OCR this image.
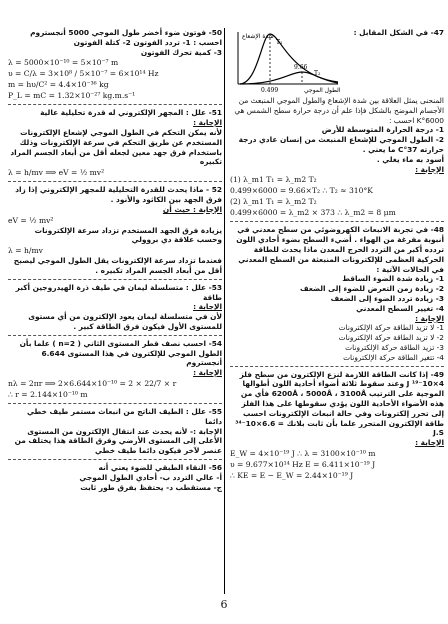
47- في الشكل المقابل :

شدة الإشعاع
الطول الموجي
0.499
9.66
T₁
T₂

المنحنى يمثل العلاقة بين شدة الإشعاع والطول الموجي المنبعث من الأجسام الموضح بالشكل فإذا علم أن درجة حرارة سطح الشمس هي 6000°K احسب :

1- درجة الحرارة المتوسطة للأرض

2- الطول الموجي للإشعاع المنبعث من إنسان عادي درجة حرارته 37°C ما يعني .

أسود به ماء يغلي .

الإجابة :

(1) λ_m1 T₁ = λ_m2 T₂

0.499×6000 = 9.66×T₂ ∴ T₂ ≈ 310°K

(2) λ_m1 T₁ = λ_m2 T₂

0.499×6000 = λ_m2 × 373 ∴ λ_m2 = 8 μm

48- في تجربة الانبعاث الكهروضوئي من سطح معدني في أنبوبة مفرغة من الهواء . أضيء السطح بضوء أحادي اللون تردده أكبر من التردد الحرج المعدن ماذا يحدث للطاقة الحركية العظمى للإلكترونات المنبعثة من السطح المعدني في الحالات الآتية :

1- زيادة شدة الضوء الساقط

2- زيادة زمن التعرض للضوء إلى الضعف

3- زيادة تردد الضوء إلى الضعف

4- تغيير السطح المعدني

الإجابة :

1- لا تزيد الطاقة حركة الإلكترونات

2- لا تزيد الطاقة حركة الإلكترونات

3- تزيد الطاقة حركة الإلكترونات

4- تتغير الطاقة حركة الإلكترونات

49- إذا كانت الطاقة اللازمة لنزع الإلكترون من سطح فلز 4×10⁻¹⁹ J وعند سقوط ثلاثة أضواء أحادية اللون أطوالها الموجية على الترتيب 6200Å ، 5000Å ، 3100Å فأي من هذه الأضواء الأحادية اللون يؤدي سقوطها على هذا الفلز إلى تحرر إلكترونات وفي حالة انبعاث الإلكترونات احسب طاقة الإلكترون المتحرر علما بأن ثابت بلانك = 6.6×10⁻³⁴ J.S

الإجابة :

E_W = 4×10⁻¹⁹ J ∴ λ = 3100×10⁻¹⁰ m

υ = 9.677×10¹⁴ Hz E = 6.411×10⁻¹⁹ J

∴ KE = E − E_W = 2.44×10⁻¹⁹ J

50- فوتون ضوء أخضر طول الموجي 5000 أنجستروم

احسب : 1- تردد الفوتون 2- كتلة الفوتون

3- كمية تحرك الفوتون

λ = 5000×10⁻¹⁰ = 5×10⁻⁷ m

υ = C/λ = 3×10⁸ / 5×10⁻⁷ = 6×10¹⁴ Hz

m = hυ/C² = 4.4×10⁻³⁶ kg

P_L = mC = 1.32×10⁻²⁷ kg.m.s⁻¹

51- علل : المجهر الإلكتروني له قدرة تحليلية عالية

الإجابة :

لأنه يمكن التحكم في الطول الموجي لإشعاع الإلكترونات المستخدم عن طريق التحكم في سرعة الإلكترونات وذلك باستخدام فرق جهد معين لجعله أقل من أبعاد الجسم المراد تكبيره

λ = h/mv ⟹ eV = ½ mv²

52 - ماذا يحدث للقدرة التحليلية للمجهر الإلكتروني إذا زاد فرق الجهد بين الكاثود والأنود .

الإجابة : حيث أن

eV = ½ mv²

يزيادة فرق الجهد المستخدم تزداد سرعة الإلكترونات

وحسب علاقة دي بروولي

λ = h/mv

فعندما تزداد سرعة الإلكترونات يقل الطول الموجي ليصبح أقل من أبعاد الجسم المراد تكبيره .

53- علل : متسلسلة ليمان في طيف ذرة الهيدروجين أكبر طاقة

الإجابة :

لأن في متسلسلة ليمان يعود الإلكترون من أي مستوى للمستوى الأول فيكون فرق الطاقة كبير .

54- احسب نصف قطر المستوى الثاني ( n=2 ) علما بأن الطول الموجي للإلكترون في هذا المستوى 6.644 أنجستروم

الإجابة :

nλ = 2πr ⟹ 2×6.644×10⁻¹⁰ = 2 × 22/7 × r

∴ r = 2.144×10⁻¹⁰ m

55- علل : الطيف الناتج من انبعاث مستمر طيف خطي دائما

الإجابة :- لأنه يحدث عند انتقال الإلكترون من المستوى الأعلى إلى المستوى الأرضي وفرق الطاقة هذا يختلف من عنصر لآخر فيكون دائما طيف خطي

56- النقاء الطبقي للضوء يعني أنه

أ- عالي التردد ب- أحادي الطول الموجي

ج- مستقطب د- يحتفظ بفرق طور ثابت

6
